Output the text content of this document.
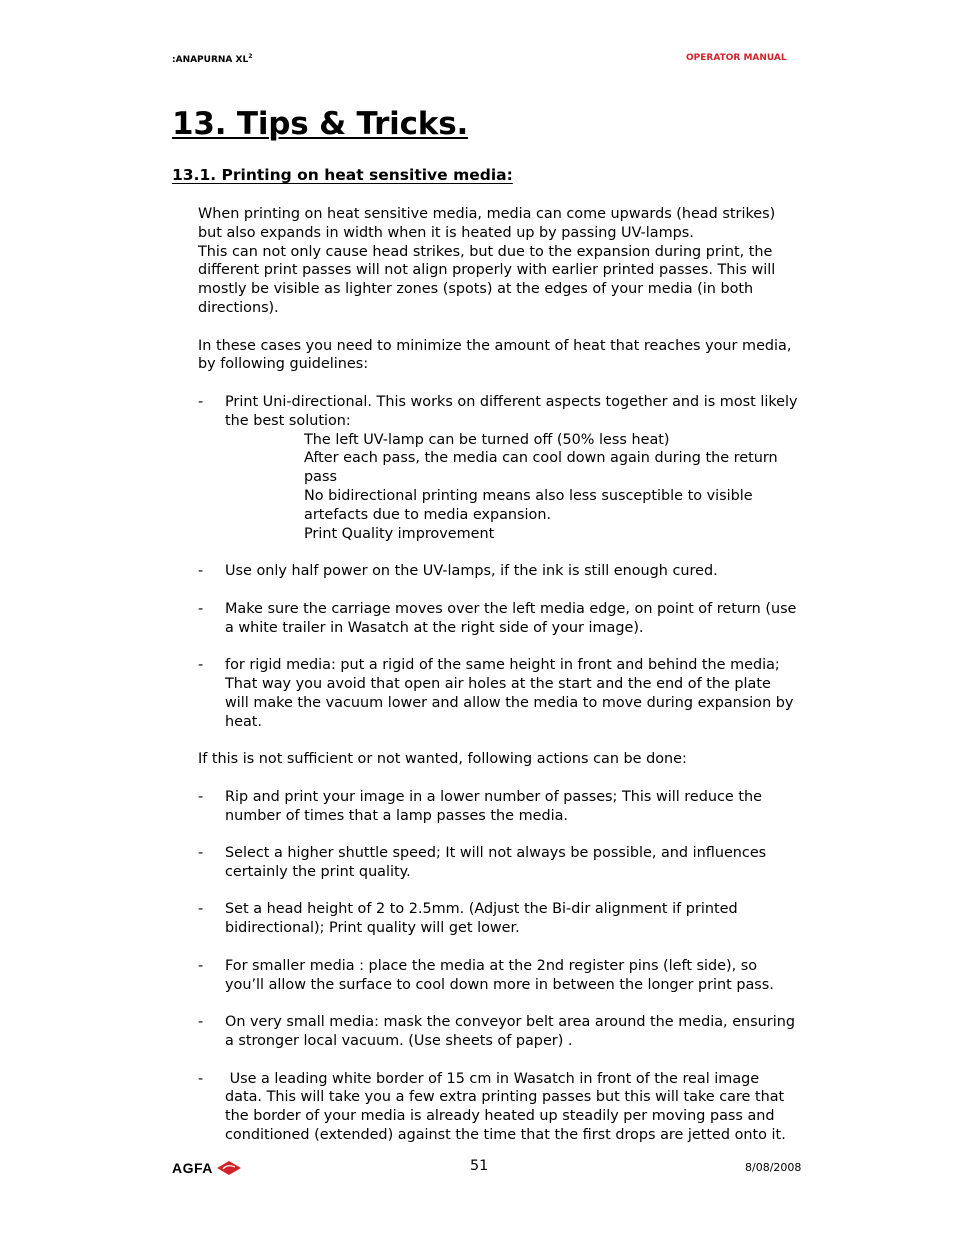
:ANAPURNA $XL^2$	OPERATOR MANUAL
13. Tips & Tricks.
13.1. Printing on heat sensitive media:

When printing on heat sensitive media, media can come upwards (head strikes) but also expands in width when it is heated up by passing UV-lamps.

This can not only cause head strikes, but due to the expansion during print, the different print passes will not align properly with earlier printed passes. This will mostly be visible as lighter zones (spots) at the edges of your media (in both directions).

In these cases you need to minimize the amount of heat that reaches your media, by following guidelines:

- Print Uni-directional. This works on different aspects together and is most likely the best solution:
The left UV-lamp can be turned off (50% less heat)
After each pass, the media can cool down again during the return pass
No bidirectional printing means also less susceptible to visible artefacts due to media expansion.
Print Quality improvement
- Use only half power on the UV-lamps, if the ink is still enough cured.
- Make sure the carriage moves over the left media edge, on point of return (use a white trailer in Wasatch at the right side of your image).
- for rigid media: put a rigid of the same height in front and behind the media; That way you avoid that open air holes at the start and the end of the plate will make the vacuum lower and allow the media to move during expansion by heat.

If this is not sufficient or not wanted, following actions can be done:

- Rip and print your image in a lower number of passes; This will reduce the number of times that a lamp passes the media.
- Select a higher shuttle speed; It will not always be possible, and influences certainly the print quality.
- Set a head height of 2 to 2.5mm. (Adjust the Bi-dir alignment if printed bidirectional); Print quality will get lower.
- For smaller media : place the media at the 2nd register pins (left side), so you’ll allow the surface to cool down more in between the longer print pass.
- On very small media: mask the conveyor belt area around the media, ensuring a stronger local vacuum. (Use sheets of paper) .
- Use a leading white border of 15 cm in Wasatch in front of the real image data. This will take you a few extra printing passes but this will take care that the border of your media is already heated up steadily per moving pass and conditioned (extended) against the time that the first drops are jetted onto it.
AGFA	51	8/08/2008
